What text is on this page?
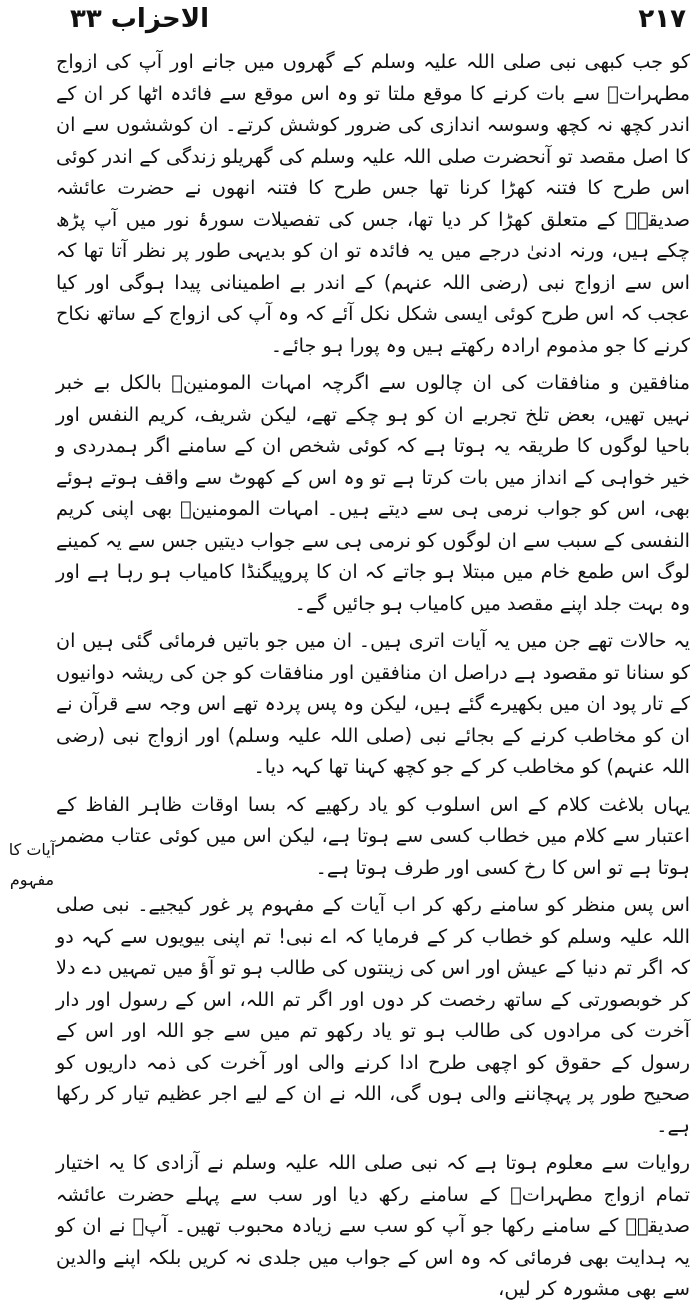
٢١٧
الاحزاب ٣٣
آیات کا مفہوم

کو جب کبھی نبی صلی اللہ علیہ وسلم کے گھروں میں جانے اور آپ کی ازواج مطہراتؓ سے بات کرنے کا موقع ملتا تو وہ اس موقع سے فائدہ اٹھا کر ان کے اندر کچھ نہ کچھ وسوسہ اندازی کی ضرور کوشش کرتے۔ ان کوششوں سے ان کا اصل مقصد تو آنحضرت صلی اللہ علیہ وسلم کی گھریلو زندگی کے اندر کوئی اس طرح کا فتنہ کھڑا کرنا تھا جس طرح کا فتنہ انھوں نے حضرت عائشہ صدیقہؓ کے متعلق کھڑا کر دیا تھا، جس کی تفصیلات سورۂ نور میں آپ پڑھ چکے ہیں، ورنہ ادنیٰ درجے میں یہ فائدہ تو ان کو بدیہی طور پر نظر آتا تھا کہ اس سے ازواج نبی (رضی اللہ عنہم) کے اندر بے اطمینانی پیدا ہوگی اور کیا عجب کہ اس طرح کوئی ایسی شکل نکل آئے کہ وہ آپ کی ازواج کے ساتھ نکاح کرنے کا جو مذموم ارادہ رکھتے ہیں وہ پورا ہو جائے۔

منافقین و منافقات کی ان چالوں سے اگرچہ امہات المومنینؓ بالکل بے خبر نہیں تھیں، بعض تلخ تجربے ان کو ہو چکے تھے، لیکن شریف، کریم النفس اور باحیا لوگوں کا طریقہ یہ ہوتا ہے کہ کوئی شخص ان کے سامنے اگر ہمدردی و خیر خواہی کے انداز میں بات کرتا ہے تو وہ اس کے کھوٹ سے واقف ہوتے ہوئے بھی، اس کو جواب نرمی ہی سے دیتے ہیں۔ امہات المومنینؓ بھی اپنی کریم النفسی کے سبب سے ان لوگوں کو نرمی ہی سے جواب دیتیں جس سے یہ کمینے لوگ اس طمع خام میں مبتلا ہو جاتے کہ ان کا پروپیگنڈا کامیاب ہو رہا ہے اور وہ بہت جلد اپنے مقصد میں کامیاب ہو جائیں گے۔

یہ حالات تھے جن میں یہ آیات اتری ہیں۔ ان میں جو باتیں فرمائی گئی ہیں ان کو سنانا تو مقصود ہے دراصل ان منافقین اور منافقات کو جن کی ریشہ دوانیوں کے تار پود ان میں بکھیرے گئے ہیں، لیکن وہ پس پردہ تھے اس وجہ سے قرآن نے ان کو مخاطب کرنے کے بجائے نبی (صلی اللہ علیہ وسلم) اور ازواج نبی (رضی اللہ عنہم) کو مخاطب کر کے جو کچھ کہنا تھا کہہ دیا۔

یہاں بلاغت کلام کے اس اسلوب کو یاد رکھیے کہ بسا اوقات ظاہر الفاظ کے اعتبار سے کلام میں خطاب کسی سے ہوتا ہے، لیکن اس میں کوئی عتاب مضمر ہوتا ہے تو اس کا رخ کسی اور طرف ہوتا ہے۔

اس پس منظر کو سامنے رکھ کر اب آیات کے مفہوم پر غور کیجیے۔ نبی صلی اللہ علیہ وسلم کو خطاب کر کے فرمایا کہ اے نبی! تم اپنی بیویوں سے کہہ دو کہ اگر تم دنیا کے عیش اور اس کی زینتوں کی طالب ہو تو آؤ میں تمہیں دے دلا کر خوبصورتی کے ساتھ رخصت کر دوں اور اگر تم اللہ، اس کے رسول اور دار آخرت کی مرادوں کی طالب ہو تو یاد رکھو تم میں سے جو اللہ اور اس کے رسول کے حقوق کو اچھی طرح ادا کرنے والی اور آخرت کی ذمہ داریوں کو صحیح طور پر پہچاننے والی ہوں گی، اللہ نے ان کے لیے اجر عظیم تیار کر رکھا ہے۔

روایات سے معلوم ہوتا ہے کہ نبی صلی اللہ علیہ وسلم نے آزادی کا یہ اختیار تمام ازواج مطہراتؓ کے سامنے رکھ دیا اور سب سے پہلے حضرت عائشہ صدیقہؓ کے سامنے رکھا جو آپ کو سب سے زیادہ محبوب تھیں۔ آپؐ نے ان کو یہ ہدایت بھی فرمائی کہ وہ اس کے جواب میں جلدی نہ کریں بلکہ اپنے والدین سے بھی مشورہ کر لیں،
